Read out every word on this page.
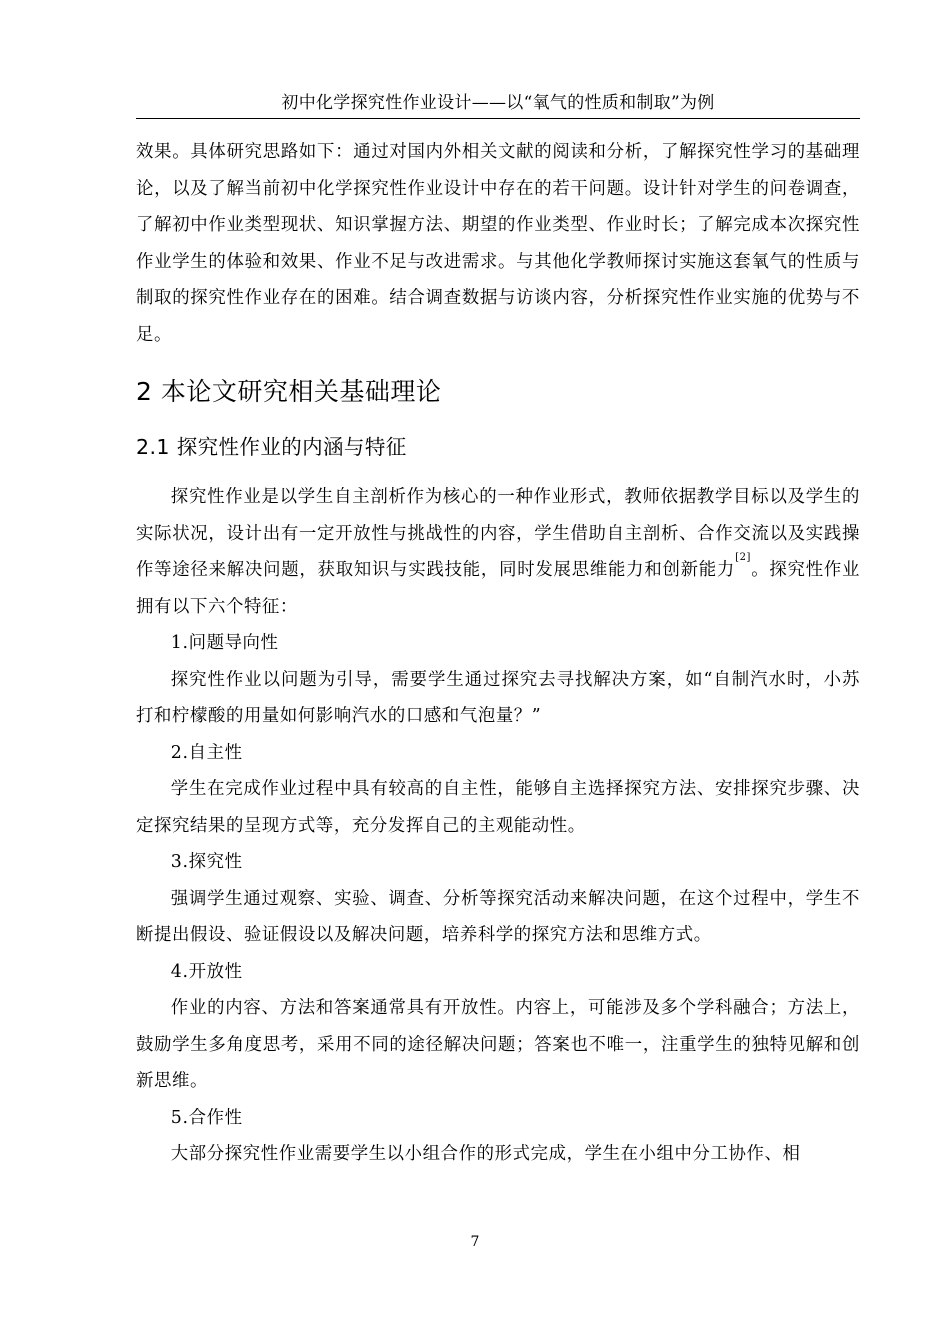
初中化学探究性作业设计——以“氧气的性质和制取”为例

效果。具体研究思路如下：通过对国内外相关文献的阅读和分析，了解探究性学习的基础理论，以及了解当前初中化学探究性作业设计中存在的若干问题。设计针对学生的问卷调查，了解初中作业类型现状、知识掌握方法、期望的作业类型、作业时长；了解完成本次探究性作业学生的体验和效果、作业不足与改进需求。与其他化学教师探讨实施这套氧气的性质与制取的探究性作业存在的困难。结合调查数据与访谈内容，分析探究性作业实施的优势与不足。

2 本论文研究相关基础理论
2.1 探究性作业的内涵与特征

探究性作业是以学生自主剖析作为核心的一种作业形式，教师依据教学目标以及学生的实际状况，设计出有一定开放性与挑战性的内容，学生借助自主剖析、合作交流以及实践操作等途径来解决问题，获取知识与实践技能，同时发展思维能力和创新能力[2]。探究性作业拥有以下六个特征：

1.问题导向性

探究性作业以问题为引导，需要学生通过探究去寻找解决方案，如“自制汽水时，小苏打和柠檬酸的用量如何影响汽水的口感和气泡量？”

2.自主性

学生在完成作业过程中具有较高的自主性，能够自主选择探究方法、安排探究步骤、决定探究结果的呈现方式等，充分发挥自己的主观能动性。

3.探究性

强调学生通过观察、实验、调查、分析等探究活动来解决问题，在这个过程中，学生不断提出假设、验证假设以及解决问题，培养科学的探究方法和思维方式。

4.开放性

作业的内容、方法和答案通常具有开放性。内容上，可能涉及多个学科融合；方法上，鼓励学生多角度思考，采用不同的途径解决问题；答案也不唯一，注重学生的独特见解和创新思维。

5.合作性

大部分探究性作业需要学生以小组合作的形式完成，学生在小组中分工协作、相

7
